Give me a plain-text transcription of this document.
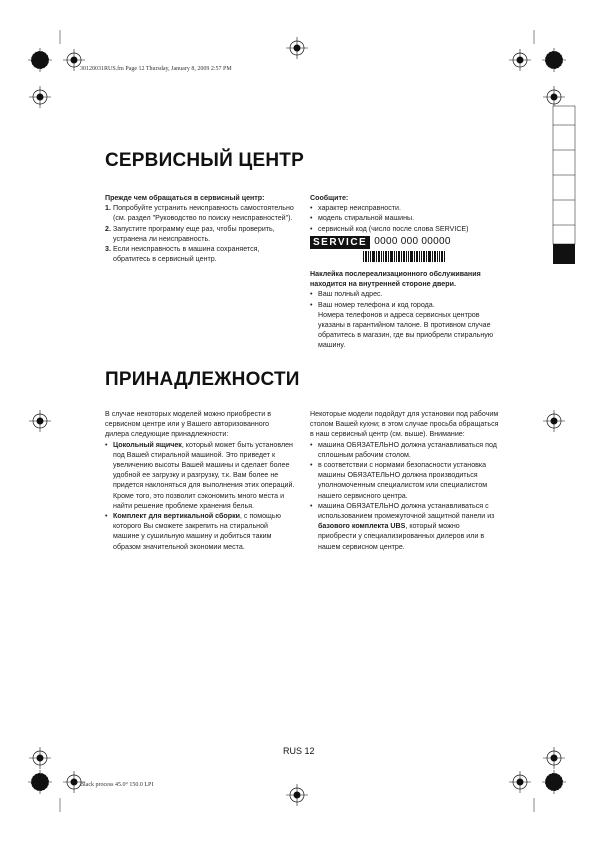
30120031RUS.fm Page 12 Thursday, January 8, 2009 2:57 PM
Black process 45.0° 150.0 LPI
СЕРВИСНЫЙ ЦЕНТР

Прежде чем обращаться в сервисный центр:

1. Попробуйте устранить неисправность самостоятельно (см. раздел "Руководство по поиску неисправностей").
2. Запустите программу еще раз, чтобы проверить, устранена ли неисправность.
3. Если неисправность в машина сохраняется, обратитесь в сервисный центр.

Сообщите:

• характер неисправности.
• модель стиральной машины.
• сервисный код (число после слова SERVICE)
SERVICE 0000 000 00000

Наклейка послереализационного обслуживания находится на внутренней стороне двери.

• Ваш полный адрес.
• Ваш номер телефона и код города.

Номера телефонов и адреса сервисных центров указаны в гарантийном талоне. В противном случае обратитесь в магазин, где вы приобрели стиральную машину.

ПРИНАДЛЕЖНОСТИ

В случае некоторых моделей можно приобрести в сервисном центре или у Вашего авторизованного дилера следующие принадлежности:

• Цокольный ящичек, который может быть установлен под Вашей стиральной машиной. Это приведет к увеличению высоты Вашей машины и сделает более удобной ее загрузку и разгрузку, т.к. Вам более не придется наклоняться для выполнения этих операций. Кроме того, это позволит сэкономить много места и найти решение проблеме хранения белья.
• Комплект для вертикальной сборки, с помощью которого Вы сможете закрепить на стиральной машине у сушильную машину и добиться таким образом значительной экономии места.

Некоторые модели подойдут для установки под рабочим столом Вашей кухни; в этом случае просьба обращаться в наш сервисный центр (см. выше). Внимание:

• машина ОБЯЗАТЕЛЬНО должна устанавливаться под сплошным рабочим столом.
• в соответствии с нормами безопасности установка машины ОБЯЗАТЕЛЬНО должна производиться уполномоченным специалистом или специалистом нашего сервисного центра.
• машина ОБЯЗАТЕЛЬНО должна устанавливаться с использованием промежуточной защитной панели из базового комплекта UBS, который можно приобрести у специализированных дилеров или в нашем сервисном центре.
RUS 12
